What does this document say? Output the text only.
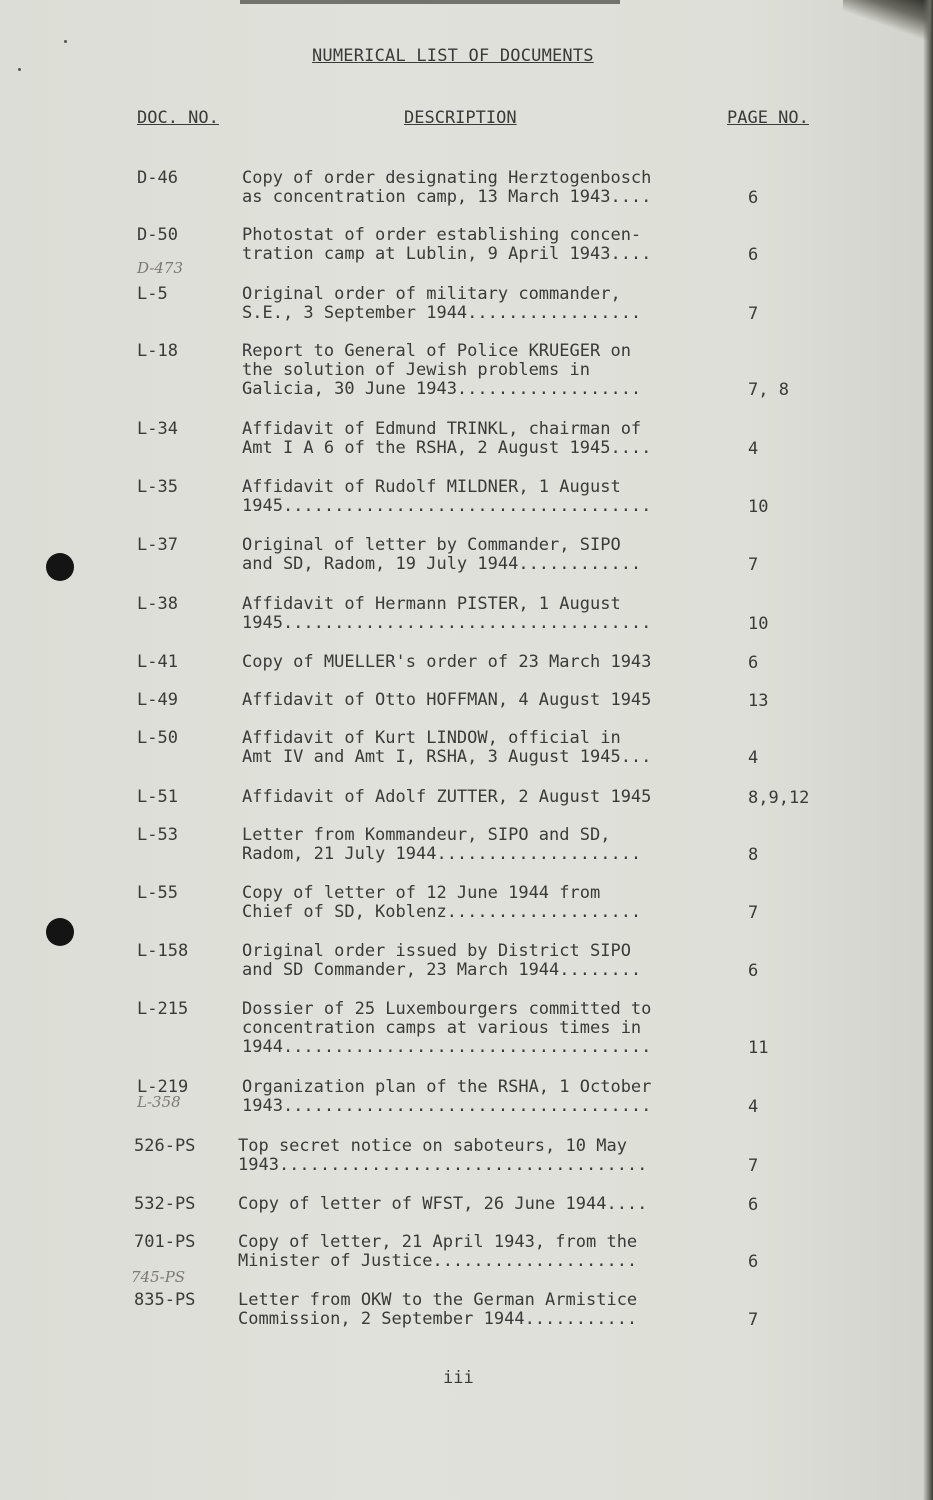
NUMERICAL LIST OF DOCUMENTS
DOC. NO.	DESCRIPTION	PAGE NO.
D-46	Copy of order designating Herztogenbosch
as concentration camp, 13 March 1943....	6
D-50	Photostat of order establishing concen-
tration camp at Lublin, 9 April 1943....	6
L-5	Original order of military commander,
S.E., 3 September 1944.................	7
L-18	Report to General of Police KRUEGER on
the solution of Jewish problems in
Galicia, 30 June 1943..................	7, 8
L-34	Affidavit of Edmund TRINKL, chairman of
Amt I A 6 of the RSHA, 2 August 1945....	4
L-35	Affidavit of Rudolf MILDNER, 1 August
1945....................................	10
L-37	Original of letter by Commander, SIPO
and SD, Radom, 19 July 1944............	7
L-38	Affidavit of Hermann PISTER, 1 August
1945....................................	10
L-41	Copy of MUELLER's order of 23 March 1943	6
L-49	Affidavit of Otto HOFFMAN, 4 August 1945	13
L-50	Affidavit of Kurt LINDOW, official in
Amt IV and Amt I, RSHA, 3 August 1945...	4
L-51	Affidavit of Adolf ZUTTER, 2 August 1945	8,9,12
L-53	Letter from Kommandeur, SIPO and SD,
Radom, 21 July 1944....................	8
L-55	Copy of letter of 12 June 1944 from
Chief of SD, Koblenz...................	7
L-158	Original order issued by District SIPO
and SD Commander, 23 March 1944........	6
L-215	Dossier of 25 Luxembourgers committed to
concentration camps at various times in
1944....................................	11
L-219	Organization plan of the RSHA, 1 October
1943....................................	4
526-PS	Top secret notice on saboteurs, 10 May
1943....................................	7
532-PS	Copy of letter of WFST, 26 June 1944....	6
701-PS	Copy of letter, 21 April 1943, from the
Minister of Justice....................	6
835-PS	Letter from OKW to the German Armistice
Commission, 2 September 1944...........	7
D-473
L-358
745-PS
iii
